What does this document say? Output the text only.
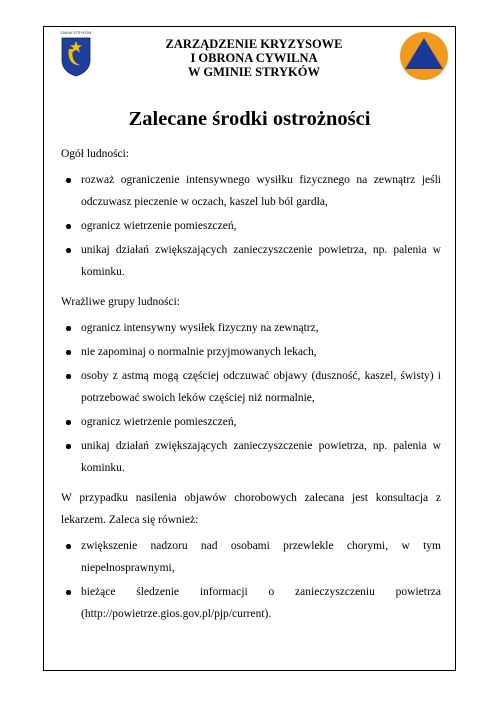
GMINA STRYKÓW
ZARZĄDZENIE KRYZYSOWE
I OBRONA CYWILNA
W GMINIE STRYKÓW
Zalecane środki ostrożności

Ogół ludności:

rozważ ograniczenie intensywnego wysiłku fizycznego na zewnątrz jeśli odczuwasz pieczenie w oczach, kaszel lub ból gardła,
ogranicz wietrzenie pomieszczeń,
unikaj działań zwiększających zanieczyszczenie powietrza, np. palenia w kominku.

Wrażliwe grupy ludności:

ogranicz intensywny wysiłek fizyczny na zewnątrz,
nie zapominaj o normalnie przyjmowanych lekach,
osoby z astmą mogą częściej odczuwać objawy (duszność, kaszel, świsty) i potrzebować swoich leków częściej niż normalnie,
ogranicz wietrzenie pomieszczeń,
unikaj działań zwiększających zanieczyszczenie powietrza, np. palenia w kominku.

W przypadku nasilenia objawów chorobowych zalecana jest konsultacja z lekarzem. Zaleca się również:

zwiększenie nadzoru nad osobami przewlekle chorymi, w tym niepełnosprawnymi,
bieżące śledzenie informacji o zanieczyszczeniu powietrza (http://powietrze.gios.gov.pl/pjp/current).
